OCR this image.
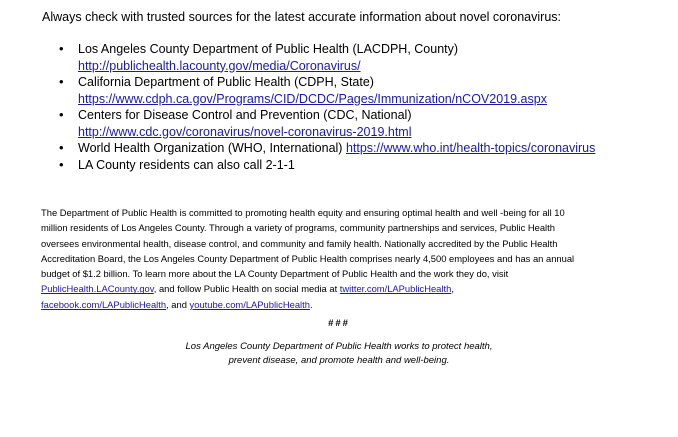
Always check with trusted sources for the latest accurate information about novel coronavirus:
• Los Angeles County Department of Public Health (LACDPH, County)
http://publichealth.lacounty.gov/media/Coronavirus/
• California Department of Public Health (CDPH, State)
https://www.cdph.ca.gov/Programs/CID/DCDC/Pages/Immunization/nCOV2019.aspx
• Centers for Disease Control and Prevention (CDC, National)
http://www.cdc.gov/coronavirus/novel-coronavirus-2019.html
• World Health Organization (WHO, International) https://www.who.int/health-topics/coronavirus
• LA County residents can also call 2-1-1

The Department of Public Health is committed to promoting health equity and ensuring optimal health and well -being for all 10
million residents of Los Angeles County. Through a variety of programs, community partnerships and services, Public Health
oversees environmental health, disease control, and community and family health. Nationally accredited by the Public Health
Accreditation Board, the Los Angeles County Department of Public Health comprises nearly 4,500 employees and has an annual
budget of $1.2 billion. To learn more about the LA County Department of Public Health and the work they do, visit
PublicHealth.LACounty.gov, and follow Public Health on social media at twitter.com/LAPublicHealth,
facebook.com/LAPublicHealth, and youtube.com/LAPublicHealth.

###
Los Angeles County Department of Public Health works to protect health,
prevent disease, and promote health and well-being.
